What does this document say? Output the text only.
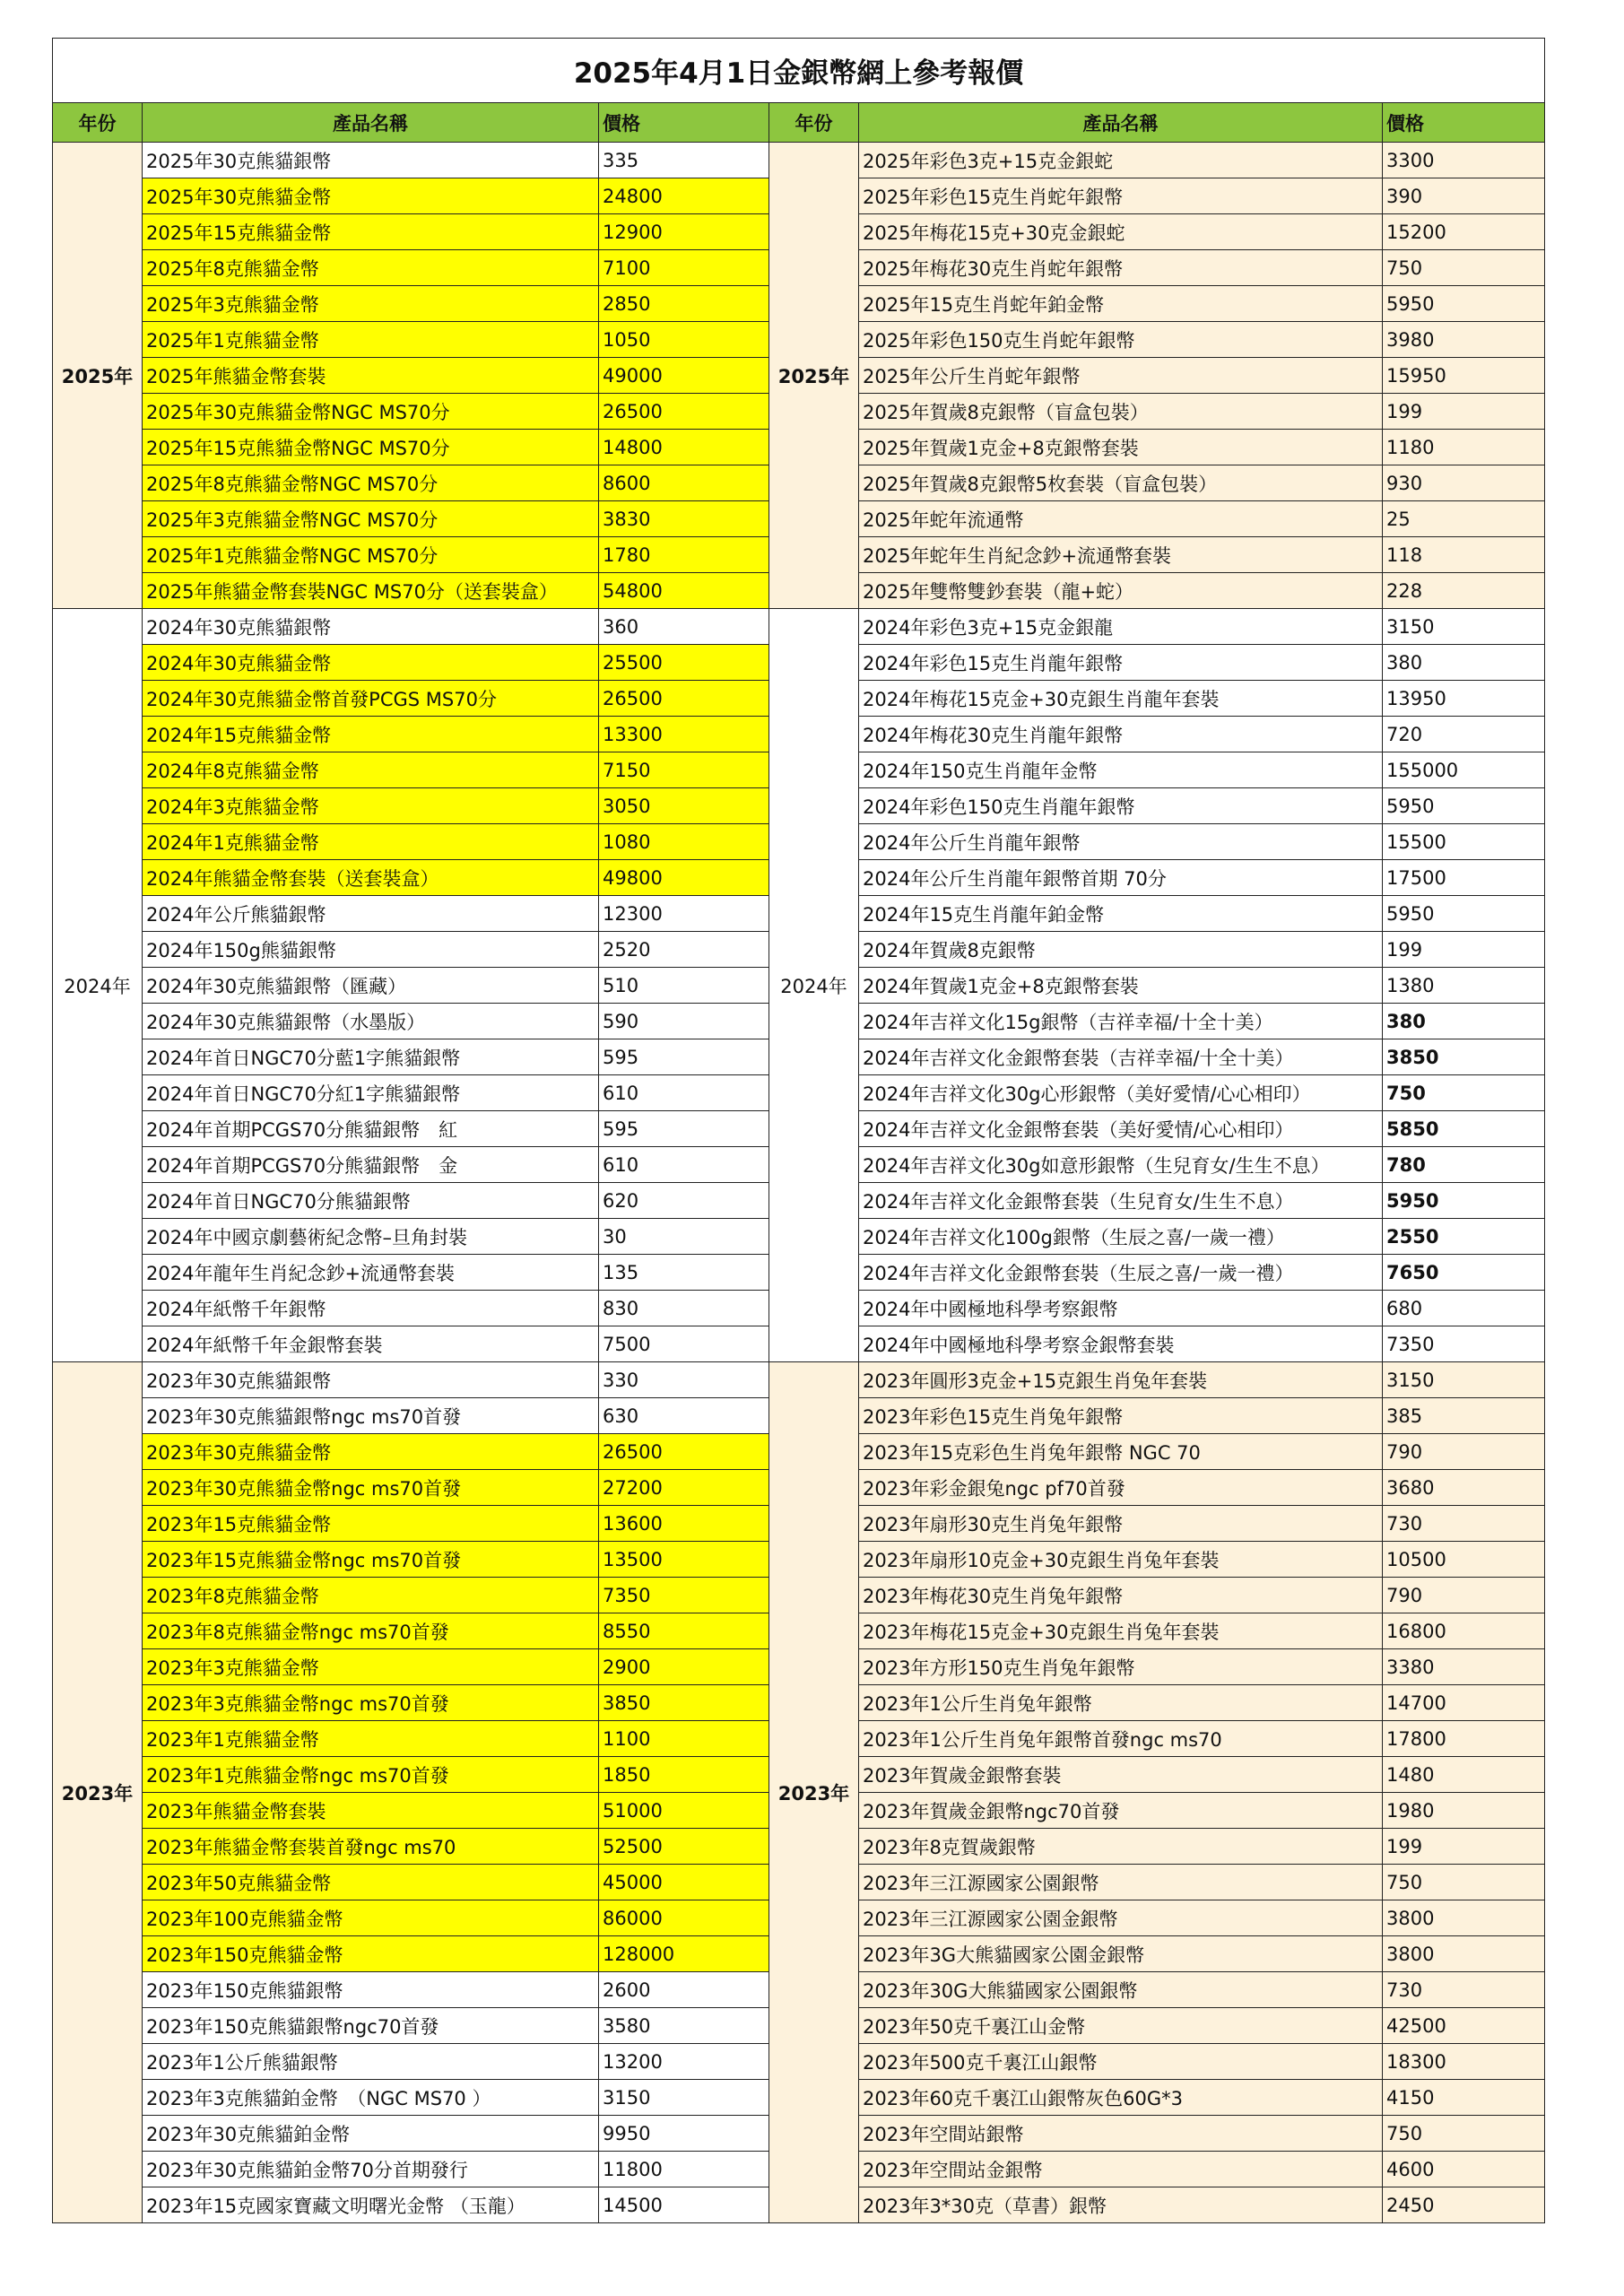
2025年4月1日金銀幣網上參考報價					
年份	產品名稱	價格	年份	產品名稱	價格
2025年	2025年30克熊貓銀幣	335	2025年	2025年彩色3克+15克金銀蛇	3300
	2025年30克熊貓金幣	24800		2025年彩色15克生肖蛇年銀幣	390
	2025年15克熊貓金幣	12900		2025年梅花15克+30克金銀蛇	15200
	2025年8克熊貓金幣	7100		2025年梅花30克生肖蛇年銀幣	750
	2025年3克熊貓金幣	2850		2025年15克生肖蛇年鉑金幣	5950
	2025年1克熊貓金幣	1050		2025年彩色150克生肖蛇年銀幣	3980
	2025年熊貓金幣套裝	49000		2025年公斤生肖蛇年銀幣	15950
	2025年30克熊貓金幣NGC MS70分	26500		2025年賀歲8克銀幣（盲盒包裝）	199
	2025年15克熊貓金幣NGC MS70分	14800		2025年賀歲1克金+8克銀幣套裝	1180
	2025年8克熊貓金幣NGC MS70分	8600		2025年賀歲8克銀幣5枚套裝（盲盒包裝）	930
	2025年3克熊貓金幣NGC MS70分	3830		2025年蛇年流通幣	25
	2025年1克熊貓金幣NGC MS70分	1780		2025年蛇年生肖紀念鈔+流通幣套裝	118
	2025年熊貓金幣套裝NGC MS70分（送套裝盒）	54800		2025年雙幣雙鈔套裝（龍+蛇）	228
2024年	2024年30克熊貓銀幣	360	2024年	2024年彩色3克+15克金銀龍	3150
	2024年30克熊貓金幣	25500		2024年彩色15克生肖龍年銀幣	380
	2024年30克熊貓金幣首發PCGS MS70分	26500		2024年梅花15克金+30克銀生肖龍年套裝	13950
	2024年15克熊貓金幣	13300		2024年梅花30克生肖龍年銀幣	720
	2024年8克熊貓金幣	7150		2024年150克生肖龍年金幣	155000
	2024年3克熊貓金幣	3050		2024年彩色150克生肖龍年銀幣	5950
	2024年1克熊貓金幣	1080		2024年公斤生肖龍年銀幣	15500
	2024年熊貓金幣套裝（送套裝盒）	49800		2024年公斤生肖龍年銀幣首期 70分	17500
	2024年公斤熊貓銀幣	12300		2024年15克生肖龍年鉑金幣	5950
	2024年150g熊貓銀幣	2520		2024年賀歲8克銀幣	199
	2024年30克熊貓銀幣（匯藏）	510		2024年賀歲1克金+8克銀幣套裝	1380
	2024年30克熊貓銀幣（水墨版）	590		2024年吉祥文化15g銀幣（吉祥幸福/十全十美）	380
	2024年首日NGC70分藍1字熊貓銀幣	595		2024年吉祥文化金銀幣套裝（吉祥幸福/十全十美）	3850
	2024年首日NGC70分紅1字熊貓銀幣	610		2024年吉祥文化30g心形銀幣（美好愛情/心心相印）	750
	2024年首期PCGS70分熊貓銀幣　紅	595		2024年吉祥文化金銀幣套裝（美好愛情/心心相印）	5850
	2024年首期PCGS70分熊貓銀幣　金	610		2024年吉祥文化30g如意形銀幣（生兒育女/生生不息）	780
	2024年首日NGC70分熊貓銀幣	620		2024年吉祥文化金銀幣套裝（生兒育女/生生不息）	5950
	2024年中國京劇藝術紀念幣–旦角封裝	30		2024年吉祥文化100g銀幣（生辰之喜/一歲一禮）	2550
	2024年龍年生肖紀念鈔+流通幣套裝	135		2024年吉祥文化金銀幣套裝（生辰之喜/一歲一禮）	7650
	2024年紙幣千年銀幣	830		2024年中國極地科學考察銀幣	680
	2024年紙幣千年金銀幣套裝	7500		2024年中國極地科學考察金銀幣套裝	7350
2023年	2023年30克熊貓銀幣	330	2023年	2023年圓形3克金+15克銀生肖兔年套裝	3150
	2023年30克熊貓銀幣ngc ms70首發	630		2023年彩色15克生肖兔年銀幣	385
	2023年30克熊貓金幣	26500		2023年15克彩色生肖兔年銀幣 NGC 70	790
	2023年30克熊貓金幣ngc ms70首發	27200		2023年彩金銀兔ngc pf70首發	3680
	2023年15克熊貓金幣	13600		2023年扇形30克生肖兔年銀幣	730
	2023年15克熊貓金幣ngc ms70首發	13500		2023年扇形10克金+30克銀生肖兔年套裝	10500
	2023年8克熊貓金幣	7350		2023年梅花30克生肖兔年銀幣	790
	2023年8克熊貓金幣ngc ms70首發	8550		2023年梅花15克金+30克銀生肖兔年套裝	16800
	2023年3克熊貓金幣	2900		2023年方形150克生肖兔年銀幣	3380
	2023年3克熊貓金幣ngc ms70首發	3850		2023年1公斤生肖兔年銀幣	14700
	2023年1克熊貓金幣	1100		2023年1公斤生肖兔年銀幣首發ngc ms70	17800
	2023年1克熊貓金幣ngc ms70首發	1850		2023年賀歲金銀幣套裝	1480
	2023年熊貓金幣套裝	51000		2023年賀歲金銀幣ngc70首發	1980
	2023年熊貓金幣套裝首發ngc ms70	52500		2023年8克賀歲銀幣	199
	2023年50克熊貓金幣	45000		2023年三江源國家公園銀幣	750
	2023年100克熊貓金幣	86000		2023年三江源國家公園金銀幣	3800
	2023年150克熊貓金幣	128000		2023年3G大熊貓國家公園金銀幣	3800
	2023年150克熊貓銀幣	2600		2023年30G大熊貓國家公園銀幣	730
	2023年150克熊貓銀幣ngc70首發	3580		2023年50克千裏江山金幣	42500
	2023年1公斤熊貓銀幣	13200		2023年500克千裏江山銀幣	18300
	2023年3克熊貓鉑金幣　（NGC MS70 ）	3150		2023年60克千裏江山銀幣灰色60G*3	4150
	2023年30克熊貓鉑金幣	9950		2023年空間站銀幣	750
	2023年30克熊貓鉑金幣70分首期發行	11800		2023年空間站金銀幣	4600
	2023年15克國家寶藏文明曙光金幣 （玉龍）	14500		2023年3*30克（草書）銀幣	2450
